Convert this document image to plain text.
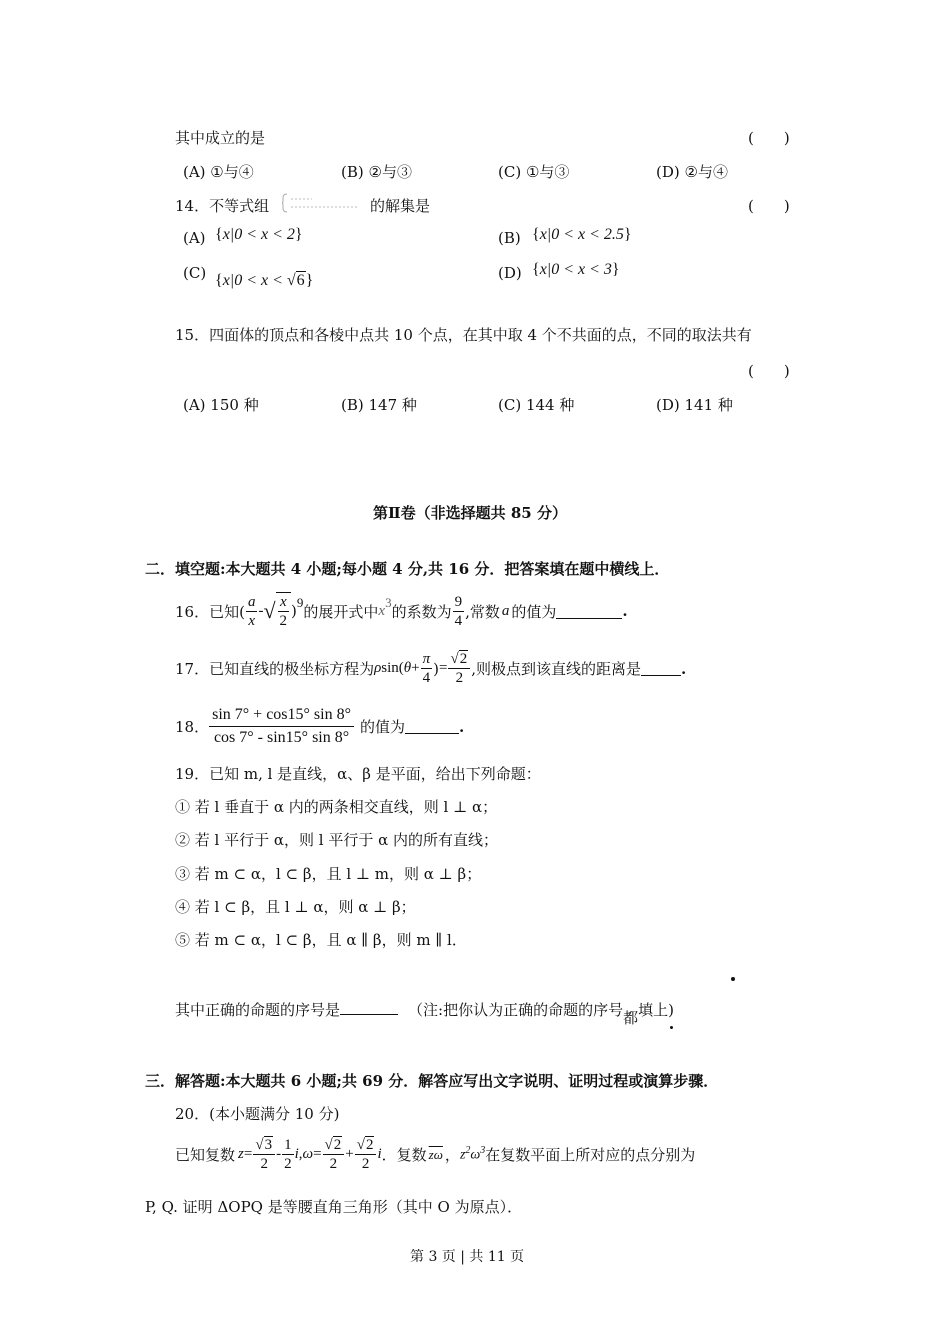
其中成立的是	(　　)
(A) ①与④	(B) ②与③	(C) ①与③	(D) ②与④
14．不等式组	的解集是	(　　)
(A) {x|0 < x < 2}	(B) {x|0 < x < 2.5}
(C) {x|0 < x < √6}	(D) {x|0 < x < 3}
15．四面体的顶点和各棱中点共 10 个点，在其中取 4 个不共面的点，不同的取法共有
(　　)
(A) 150 种	(B) 147 种	(C) 144 种	(D) 141 种
第Ⅱ卷（非选择题共 85 分）
二．填空题:本大题共 4 小题;每小题 4 分,共 16 分．把答案填在题中横线上．
16．已知( $\frac{a}{x}$ - √ $\frac{x}{2} )^9$ 的展开式中 $x^3$ 的系数为 $\frac{9}{4}$ ,常数 a 的值为	.
17．已知直线的极坐标方程为 ρ sin( $\theta + \frac{\pi}{4}$ ) = $\frac{√2}{2}$ ,则极点到该直线的距离是	.
18． $\frac{\sin 7^\circ + \cos 15^\circ \sin 8^\circ}{\cos 7^\circ - \sin 15^\circ \sin 8^\circ}$ 的值为	.
19．已知 m, l 是直线，α、β 是平面，给出下列命题：
① 若 l 垂直于 α 内的两条相交直线，则 l ⊥ α；
② 若 l 平行于 α，则 l 平行于 α 内的所有直线；
③ 若 m ⊂ α，l ⊂ β，且 l ⊥ m，则 α ⊥ β；
④ 若 l ⊂ β，且 l ⊥ α，则 α ⊥ β；
⑤ 若 m ⊂ α，l ⊂ β，且 α ∥ β，则 m ∥ l．
其中正确的命题的序号是	（注:把你认为正确的命题的序号 都 填上)
三．解答题:本大题共 6 小题;共 69 分．解答应写出文字说明、证明过程或演算步骤．
20．(本小题满分 10 分)
已知复数 $z = \frac{√3}{2} - \frac{1}{2}$ i , $\omega = \frac{√2}{2} + \frac{√2}{2}$ i ．复数 $\overline{z\omega}$ ， $z^2\omega^3$ 在复数平面上所对应的点分别为
P, Q. 证明 ΔOPQ 是等腰直角三角形（其中 O 为原点）．
第 3 页 | 共 11 页
